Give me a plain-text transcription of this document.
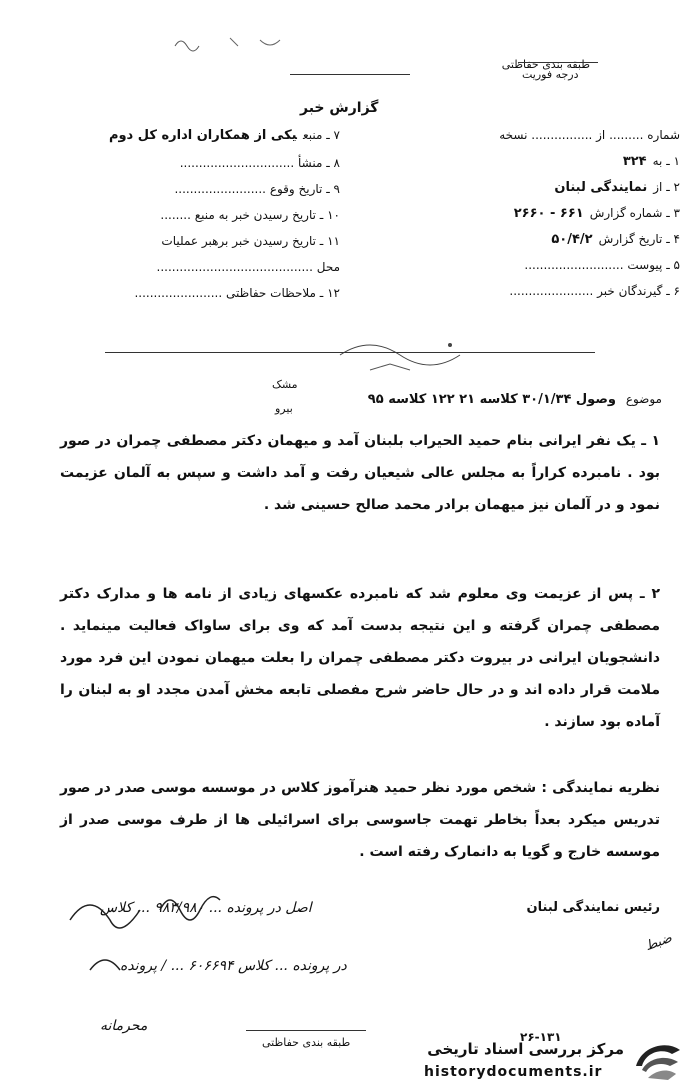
طبقه بندی حفاظتی
درجه فوریت
گزارش خبر
شماره ......... از ................ نسخه
۱ ـ به۳۲۴
۲ ـ ازنمایندگی لبنان
۳ ـ شماره گزارش۶۶۱ - ۲۶۶۰
۴ ـ تاریخ گزارش۵۰/۴/۲
۵ ـ پیوست ..........................
۶ ـ گیرندگان خبر ......................
۷ ـ منبعیکی از همکاران اداره کل دوم
۸ ـ منشأ ..............................
۹ ـ تاریخ وقوع ........................
۱۰ ـ تاریخ رسیدن خبر به منبع ........
۱۱ ـ تاریخ رسیدن خبر برهبر عملیات
محل .........................................
۱۲ ـ ملاحظات حفاظتی .......................
موضوع وصول ۳۰/۱/۳۴ کلاسه ۲۱ ۱۲۲ کلاسه ۹۵
مشک
بیرو
۱ ـ یک نفر ایرانی بنام حمید الحیراب بلبنان آمد و میهمان دکتر مصطفی چمران در صور بود . نامبرده کراراً به مجلس عالی شیعیان رفت و آمد داشت و سپس به آلمان عزیمت نمود و در آلمان نیز میهمان برادر محمد صالح حسینی شد .
۲ ـ پس از عزیمت وی معلوم شد که نامبرده عکسهای زیادی از نامه ها و مدارک دکتر مصطفی چمران گرفته و این نتیجه بدست آمد که وی برای ساواک فعالیت مینماید . دانشجویان ایرانی در بیروت دکتر مصطفی چمران را بعلت میهمان نمودن این فرد مورد ملامت قرار داده اند و در حال حاضر شرح مفصلی تابعه مخش آمدن مجدد او به لبنان را آماده بود سازند .
نظریه نمایندگی : شخص مورد نظر حمید هنرآموز کلاس در موسسه موسی صدر در صور تدریس میکرد بعداً بخاطر تهمت جاسوسی برای اسرائیلی ها از طرف موسی صدر از موسسه خارج و گویا به دانمارک رفته است .
رئیس نمایندگی لبنان
اصل در پرونده ... ۹۸۳/۹۸۰ ... کلاس
در پرونده ... کلاس ۶۰۶۶۹۴ ... / پرونده
محرمانه
ضبط
طبقه بندی حفاظتی	۲۶-۱۳۱
مرکز بررسی اسناد تاریخی
historydocuments.ir
